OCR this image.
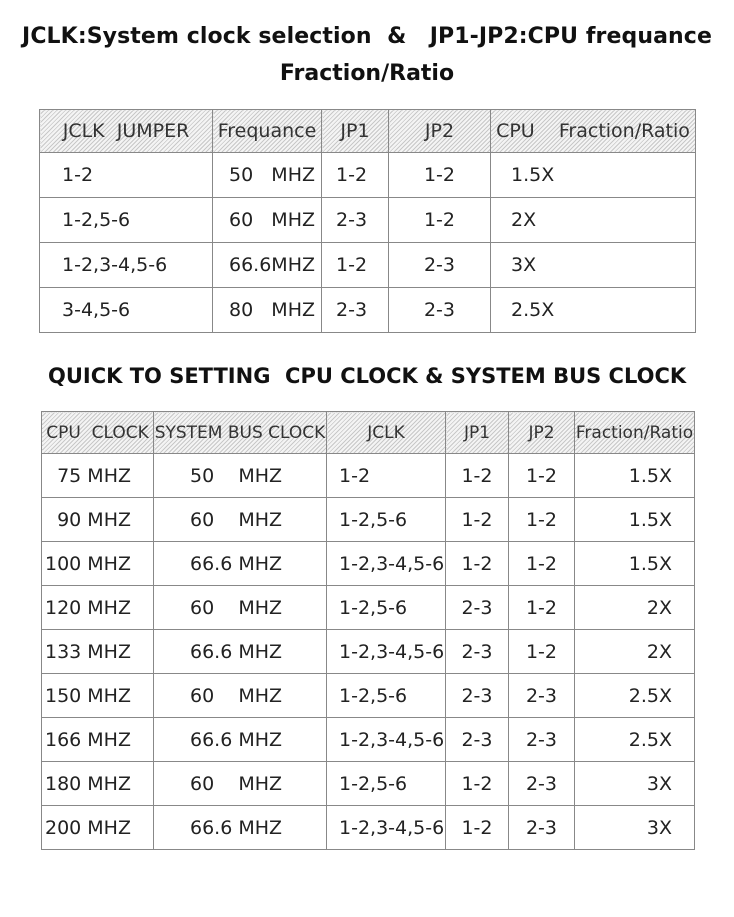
JCLK:System clock selection  &   JP1-JP2:CPU frequance
Fraction/Ratio
JCLK  JUMPER	Frequance	JP1	JP2	CPU    Fraction/Ratio
1-2	50   MHZ	1-2	1-2	1.5X
1-2,5-6	60   MHZ	2-3	1-2	2X
1-2,3-4,5-6	66.6MHZ	1-2	2-3	3X
3-4,5-6	80   MHZ	2-3	2-3	2.5X
QUICK TO SETTING  CPU CLOCK & SYSTEM BUS CLOCK
CPU  CLOCK	SYSTEM BUS CLOCK	JCLK	JP1	JP2	Fraction/Ratio
75 MHZ	50    MHZ	1-2	1-2	1-2	1.5X
90 MHZ	60    MHZ	1-2,5-6	1-2	1-2	1.5X
100 MHZ	66.6 MHZ	1-2,3-4,5-6	1-2	1-2	1.5X
120 MHZ	60    MHZ	1-2,5-6	2-3	1-2	2X
133 MHZ	66.6 MHZ	1-2,3-4,5-6	2-3	1-2	2X
150 MHZ	60    MHZ	1-2,5-6	2-3	2-3	2.5X
166 MHZ	66.6 MHZ	1-2,3-4,5-6	2-3	2-3	2.5X
180 MHZ	60    MHZ	1-2,5-6	1-2	2-3	3X
200 MHZ	66.6 MHZ	1-2,3-4,5-6	1-2	2-3	3X
